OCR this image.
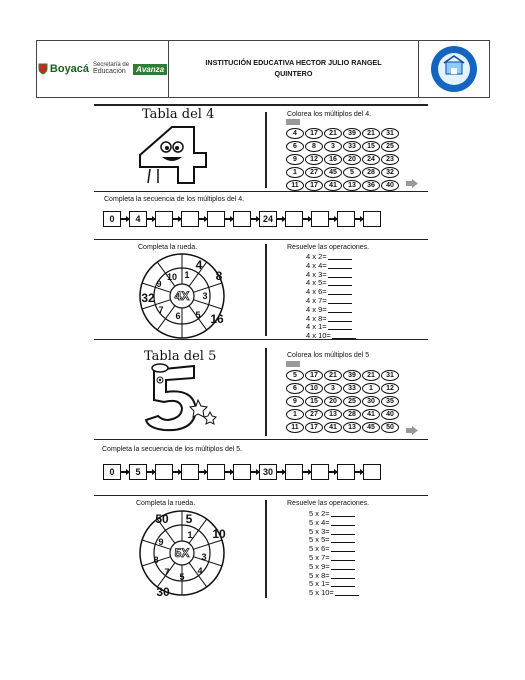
Boyacá Secretaría de
Educación	Avanza
INSTITUCIÓN EDUCATIVA HECTOR JULIO RANGEL
QUINTERO
Tabla del 4	Colorea los múltiplos del 4.
4	17	21	39	21	31
6	8	3	33	15	25
9	12	16	20	24	23
1	27	45	5	28	32
11	17	41	13	36	40
Completa la secuencia de los múltiplos del 4.
0	4	24
Completa la rueda.
4X
10 1
9
3
5
6
7
4
8
32
16
Resuelve las operaciones.
4 x 2=
4 x 4=
4 x 3=
4 x 5=
4 x 6=
4 x 7=
4 x 9=
4 x 8=
4 x 1=
4 x 10=
Tabla del 5	Colorea los múltiplos del 5
5	17	21	39	21	31
6	10	3	33	1	12
9	15	20	25	30	35
1	27	13	28	41	40
11	17	41	13	45	50
Completa la secuencia de los múltiplos del 5.
0	5	30
Completa la rueda.
5X
1
9
3
8
4
7 5
50 5
10
30
Resuelve las operaciones.
5 x 2=
5 x 4=
5 x 3=
5 x 5=
5 x 6=
5 x 7=
5 x 9=
5 x 8=
5 x 1=
5 x 10=
